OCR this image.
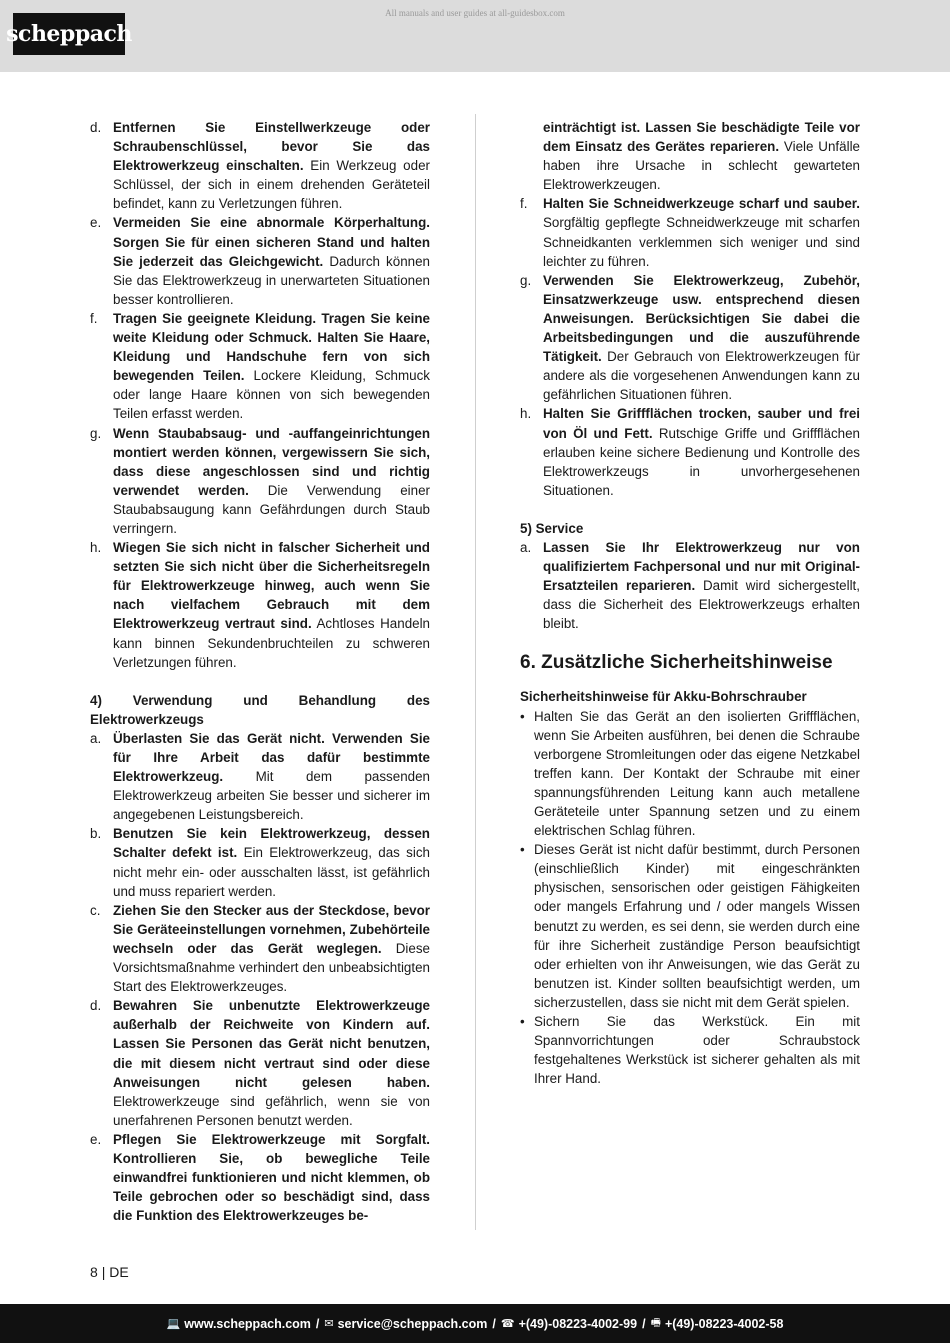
scheppach
All manuals and user guides at all-guidesbox.com
d. Entfernen Sie Einstellwerkzeuge oder Schraubenschlüssel, bevor Sie das Elektrowerkzeug einschalten. Ein Werkzeug oder Schlüssel, der sich in einem drehenden Geräteteil befindet, kann zu Verletzungen führen.
e. Vermeiden Sie eine abnormale Körperhaltung. Sorgen Sie für einen sicheren Stand und halten Sie jederzeit das Gleichgewicht. Dadurch können Sie das Elektrowerkzeug in unerwarteten Situationen besser kontrollieren.
f. Tragen Sie geeignete Kleidung. Tragen Sie keine weite Kleidung oder Schmuck. Halten Sie Haare, Kleidung und Handschuhe fern von sich bewegenden Teilen. Lockere Kleidung, Schmuck oder lange Haare können von sich bewegenden Teilen erfasst werden.
g. Wenn Staubabsaug- und -auffangeinrichtungen montiert werden können, vergewissern Sie sich, dass diese angeschlossen sind und richtig verwendet werden. Die Verwendung einer Staubabsaugung kann Gefährdungen durch Staub verringern.
h. Wiegen Sie sich nicht in falscher Sicherheit und setzten Sie sich nicht über die Sicherheitsregeln für Elektrowerkzeuge hinweg, auch wenn Sie nach vielfachem Gebrauch mit dem Elektrowerkzeug vertraut sind. Achtloses Handeln kann binnen Sekundenbruchteilen zu schweren Verletzungen führen.
4) Verwendung und Behandlung des Elektrowerkzeugs
a. Überlasten Sie das Gerät nicht. Verwenden Sie für Ihre Arbeit das dafür bestimmte Elektrowerkzeug. Mit dem passenden Elektrowerkzeug arbeiten Sie besser und sicherer im angegebenen Leistungsbereich.
b. Benutzen Sie kein Elektrowerkzeug, dessen Schalter defekt ist. Ein Elektrowerkzeug, das sich nicht mehr ein- oder ausschalten lässt, ist gefährlich und muss repariert werden.
c. Ziehen Sie den Stecker aus der Steckdose, bevor Sie Geräteeinstellungen vornehmen, Zubehörteile wechseln oder das Gerät weglegen. Diese Vorsichtsmaßnahme verhindert den unbeabsichtigten Start des Elektrowerkzeuges.
d. Bewahren Sie unbenutzte Elektrowerkzeuge außerhalb der Reichweite von Kindern auf. Lassen Sie Personen das Gerät nicht benutzen, die mit diesem nicht vertraut sind oder diese Anweisungen nicht gelesen haben. Elektrowerkzeuge sind gefährlich, wenn sie von unerfahrenen Personen benutzt werden.
e. Pflegen Sie Elektrowerkzeuge mit Sorgfalt. Kontrollieren Sie, ob bewegliche Teile einwandfrei funktionieren und nicht klemmen, ob Teile gebrochen oder so beschädigt sind, dass die Funktion des Elektrowerkzeuges be-
einträchtigt ist. Lassen Sie beschädigte Teile vor dem Einsatz des Gerätes reparieren. Viele Unfälle haben ihre Ursache in schlecht gewarteten Elektrowerkzeugen.
f. Halten Sie Schneidwerkzeuge scharf und sauber. Sorgfältig gepflegte Schneidwerkzeuge mit scharfen Schneidkanten verklemmen sich weniger und sind leichter zu führen.
g. Verwenden Sie Elektrowerkzeug, Zubehör, Einsatzwerkzeuge usw. entsprechend diesen Anweisungen. Berücksichtigen Sie dabei die Arbeitsbedingungen und die auszuführende Tätigkeit. Der Gebrauch von Elektrowerkzeugen für andere als die vorgesehenen Anwendungen kann zu gefährlichen Situationen führen.
h. Halten Sie Griffflächen trocken, sauber und frei von Öl und Fett. Rutschige Griffe und Griffflächen erlauben keine sichere Bedienung und Kontrolle des Elektrowerkzeugs in unvorhergesehenen Situationen.
5) Service
a. Lassen Sie Ihr Elektrowerkzeug nur von qualifiziertem Fachpersonal und nur mit Original-Ersatzteilen reparieren. Damit wird sichergestellt, dass die Sicherheit des Elektrowerkzeugs erhalten bleibt.
6. Zusätzliche Sicherheitshinweise
Sicherheitshinweise für Akku-Bohrschrauber
• Halten Sie das Gerät an den isolierten Griffflächen, wenn Sie Arbeiten ausführen, bei denen die Schraube verborgene Stromleitungen oder das eigene Netzkabel treffen kann. Der Kontakt der Schraube mit einer spannungsführenden Leitung kann auch metallene Geräteteile unter Spannung setzen und zu einem elektrischen Schlag führen.
• Dieses Gerät ist nicht dafür bestimmt, durch Personen (einschließlich Kinder) mit eingeschränkten physischen, sensorischen oder geistigen Fähigkeiten oder mangels Erfahrung und / oder mangels Wissen benutzt zu werden, es sei denn, sie werden durch eine für ihre Sicherheit zuständige Person beaufsichtigt oder erhielten von ihr Anweisungen, wie das Gerät zu benutzen ist. Kinder sollten beaufsichtigt werden, um sicherzustellen, dass sie nicht mit dem Gerät spielen.
• Sichern Sie das Werkstück. Ein mit Spannvorrichtungen oder Schraubstock festgehaltenes Werkstück ist sicherer gehalten als mit Ihrer Hand.
8 | DE
💻 www.scheppach.com / ✉ service@scheppach.com / ☎ +(49)-08223-4002-99 / 🖷 +(49)-08223-4002-58
